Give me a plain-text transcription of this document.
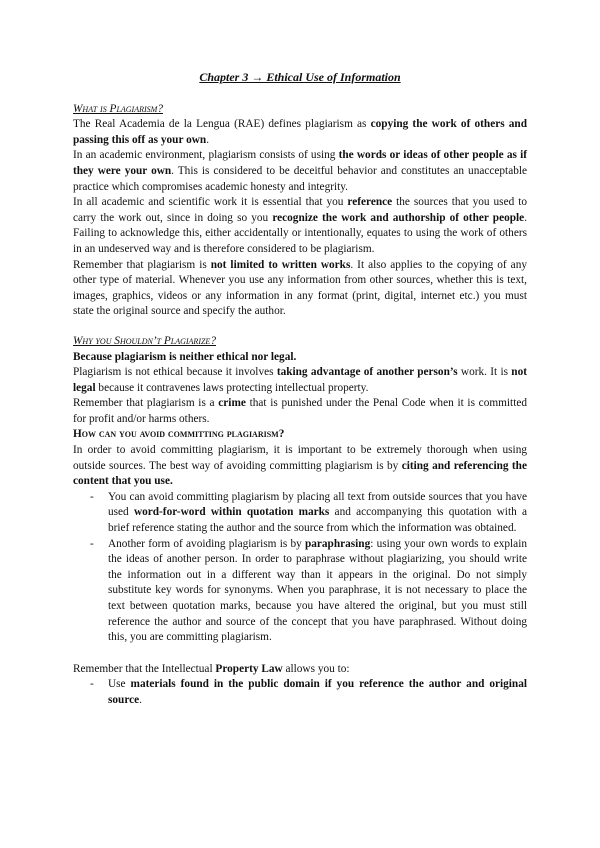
Chapter 3 → Ethical Use of Information
What is Plagiarism?

The Real Academia de la Lengua (RAE) defines plagiarism as copying the work of others and passing this off as your own.

In an academic environment, plagiarism consists of using the words or ideas of other people as if they were your own. This is considered to be deceitful behavior and constitutes an unacceptable practice which compromises academic honesty and integrity.

In all academic and scientific work it is essential that you reference the sources that you used to carry the work out, since in doing so you recognize the work and authorship of other people. Failing to acknowledge this, either accidentally or intentionally, equates to using the work of others in an undeserved way and is therefore considered to be plagiarism.

Remember that plagiarism is not limited to written works. It also applies to the copying of any other type of material. Whenever you use any information from other sources, whether this is text, images, graphics, videos or any information in any format (print, digital, internet etc.) you must state the original source and specify the author.

Why you Shouldn’t Plagiarize?

Because plagiarism is neither ethical nor legal.

Plagiarism is not ethical because it involves taking advantage of another person’s work. It is not legal because it contravenes laws protecting intellectual property.

Remember that plagiarism is a crime that is punished under the Penal Code when it is committed for profit and/or harms others.

How can you avoid committing plagiarism?

In order to avoid committing plagiarism, it is important to be extremely thorough when using outside sources. The best way of avoiding committing plagiarism is by citing and referencing the content that you use.

- You can avoid committing plagiarism by placing all text from outside sources that you have used word-for-word within quotation marks and accompanying this quotation with a brief reference stating the author and the source from which the information was obtained.
- Another form of avoiding plagiarism is by paraphrasing: using your own words to explain the ideas of another person. In order to paraphrase without plagiarizing, you should write the information out in a different way than it appears in the original. Do not simply substitute key words for synonyms. When you paraphrase, it is not necessary to place the text between quotation marks, because you have altered the original, but you must still reference the author and source of the concept that you have paraphrased. Without doing this, you are committing plagiarism.

Remember that the Intellectual Property Law allows you to:

- Use materials found in the public domain if you reference the author and original source.
